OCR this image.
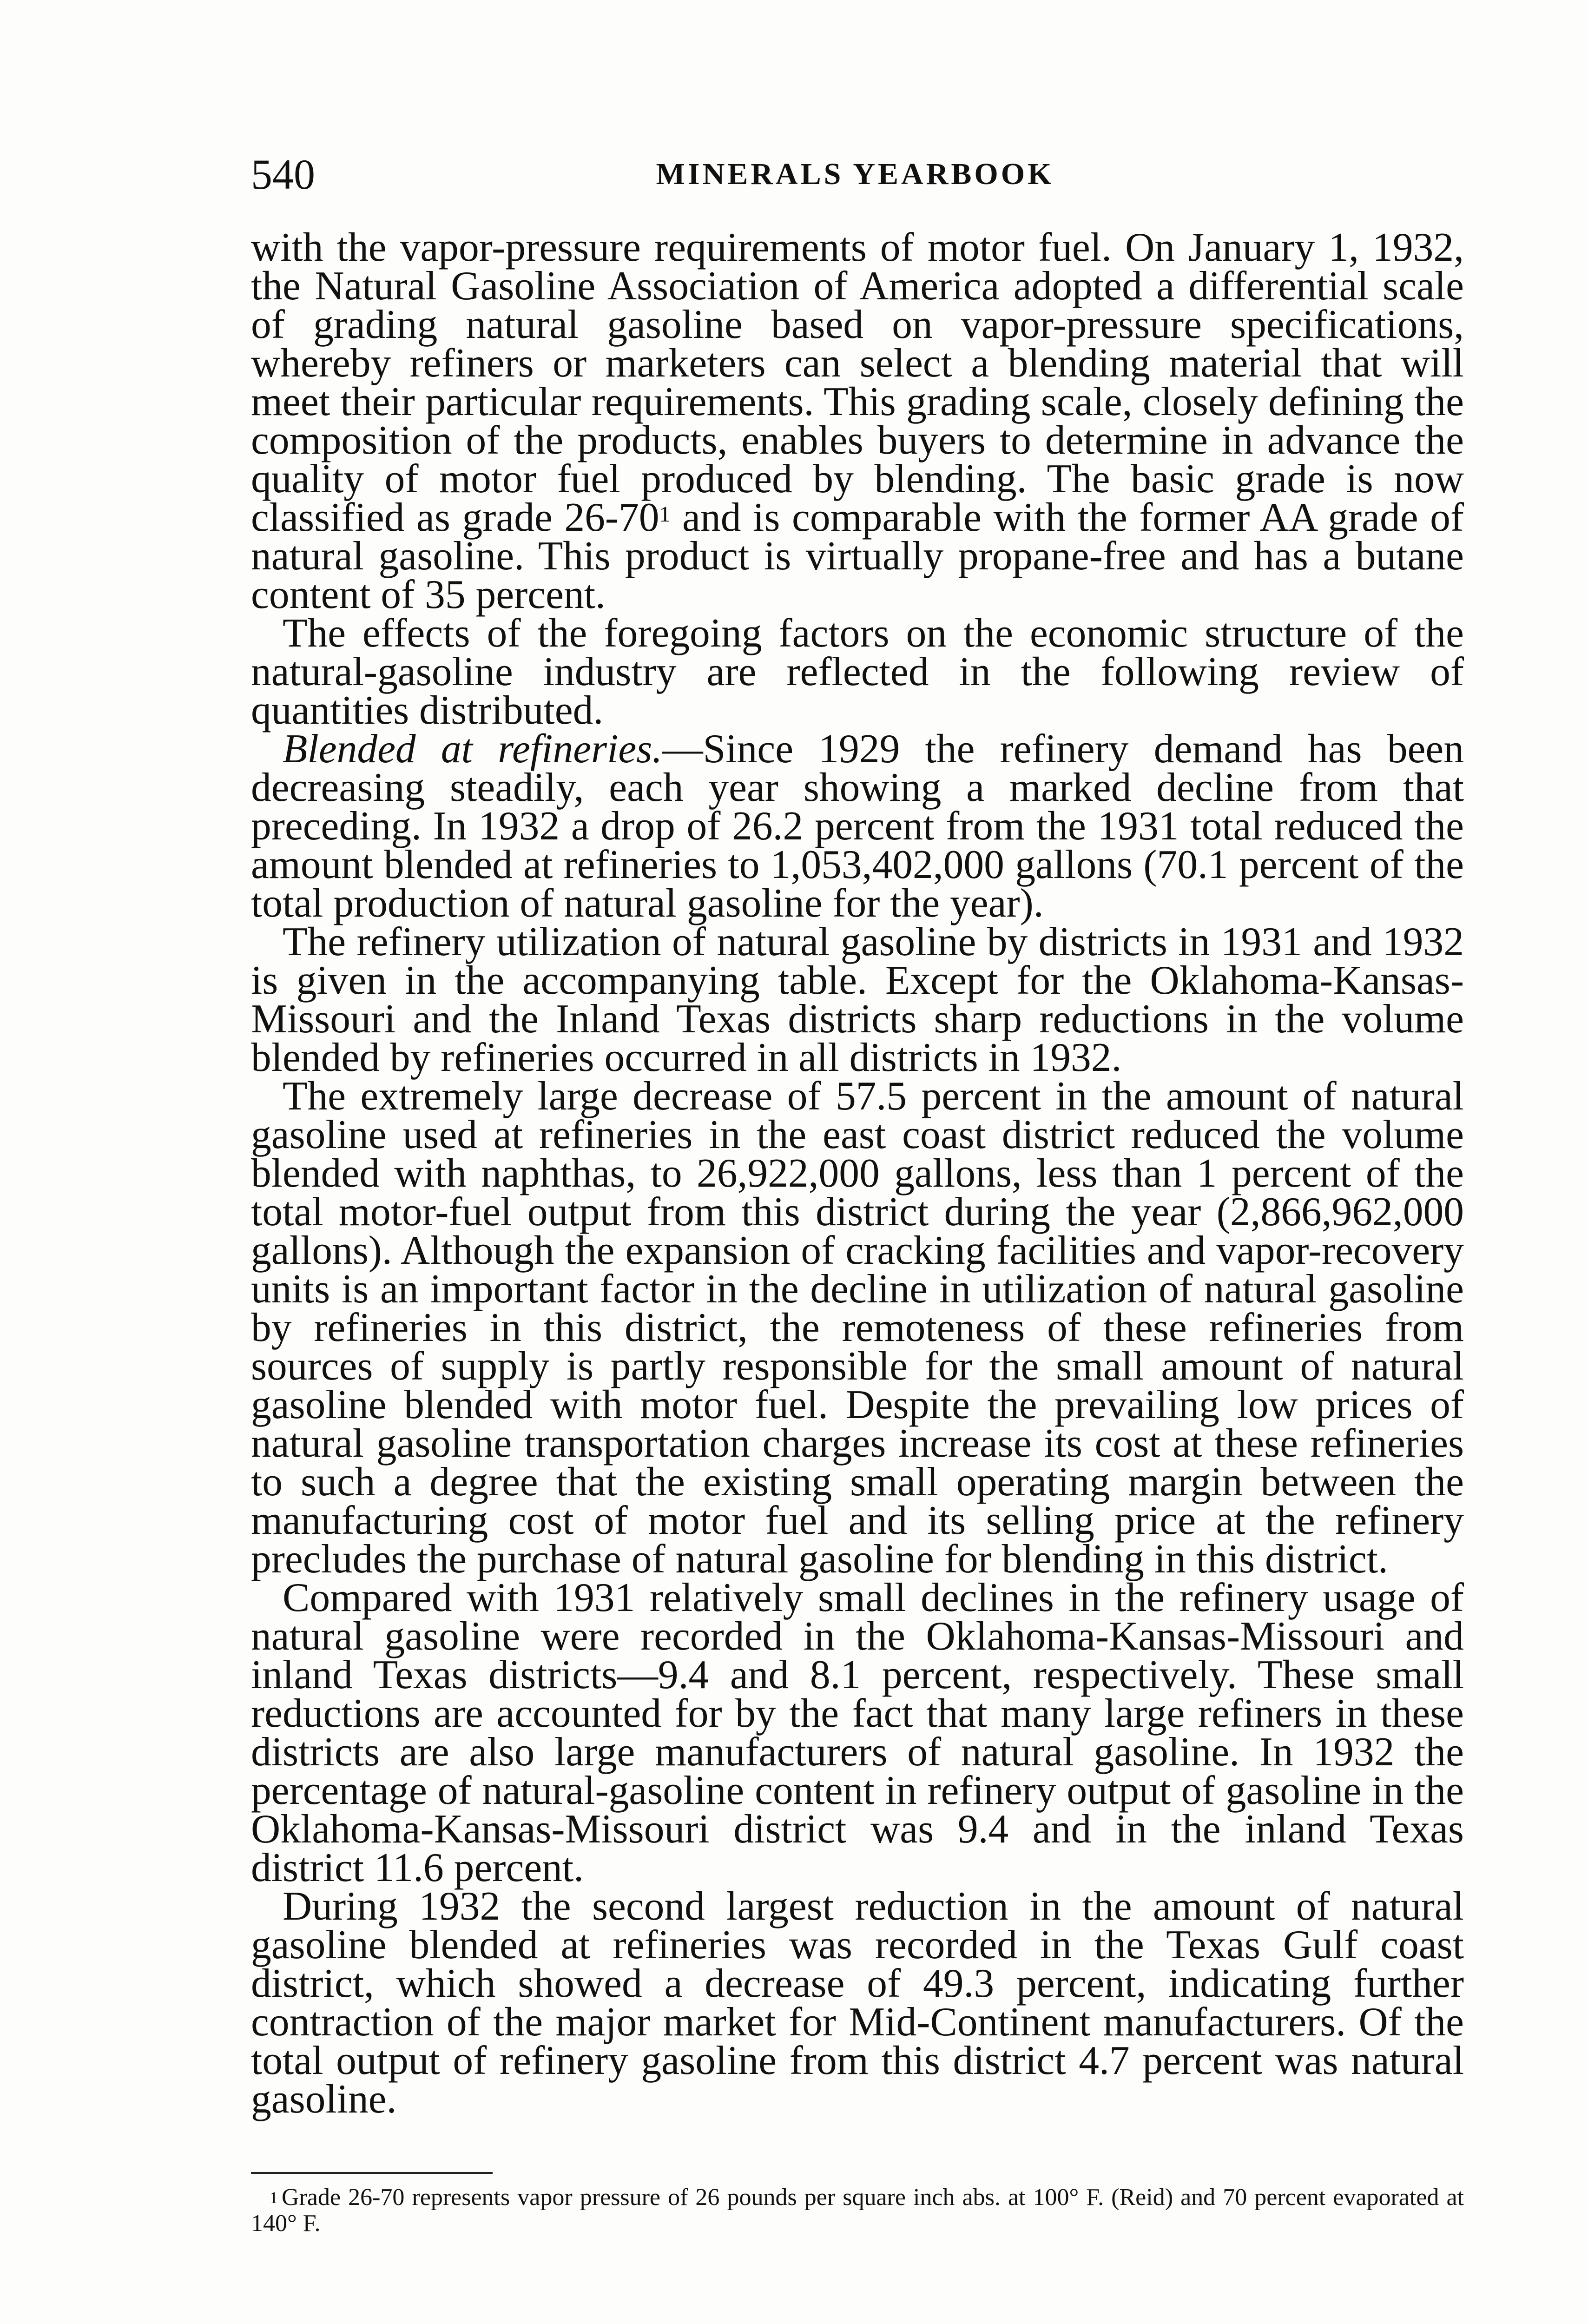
540	MINERALS YEARBOOK

with the vapor-pressure requirements of motor fuel. On January 1, 1932, the Natural Gasoline Association of America adopted a differential scale of grading natural gasoline based on vapor-pressure specifications, whereby refiners or marketers can select a blending material that will meet their particular requirements. This grading scale, closely defining the composition of the products, enables buyers to determine in advance the quality of motor fuel produced by blending. The basic grade is now classified as grade $26-70^1$ and is comparable with the former AA grade of natural gasoline. This product is virtually propane-free and has a butane content of 35 percent.

The effects of the foregoing factors on the economic structure of the natural-gasoline industry are reflected in the following review of quantities distributed.

Blended at refineries.—Since 1929 the refinery demand has been decreasing steadily, each year showing a marked decline from that preceding. In 1932 a drop of 26.2 percent from the 1931 total reduced the amount blended at refineries to 1,053,402,000 gallons (70.1 percent of the total production of natural gasoline for the year).

The refinery utilization of natural gasoline by districts in 1931 and 1932 is given in the accompanying table. Except for the Oklahoma-Kansas-Missouri and the Inland Texas districts sharp reductions in the volume blended by refineries occurred in all districts in 1932.

The extremely large decrease of 57.5 percent in the amount of natural gasoline used at refineries in the east coast district reduced the volume blended with naphthas, to 26,922,000 gallons, less than 1 percent of the total motor-fuel output from this district during the year (2,866,962,000 gallons). Although the expansion of cracking facilities and vapor-recovery units is an important factor in the decline in utilization of natural gasoline by refineries in this district, the remoteness of these refineries from sources of supply is partly responsible for the small amount of natural gasoline blended with motor fuel. Despite the prevailing low prices of natural gasoline transportation charges increase its cost at these refineries to such a degree that the existing small operating margin between the manufacturing cost of motor fuel and its selling price at the refinery precludes the purchase of natural gasoline for blending in this district.

Compared with 1931 relatively small declines in the refinery usage of natural gasoline were recorded in the Oklahoma-Kansas-Missouri and inland Texas districts—9.4 and 8.1 percent, respectively. These small reductions are accounted for by the fact that many large refiners in these districts are also large manufacturers of natural gasoline. In 1932 the percentage of natural-gasoline content in refinery output of gasoline in the Oklahoma-Kansas-Missouri district was 9.4 and in the inland Texas district 11.6 percent.

During 1932 the second largest reduction in the amount of natural gasoline blended at refineries was recorded in the Texas Gulf coast district, which showed a decrease of 49.3 percent, indicating further contraction of the major market for Mid-Continent manufacturers. Of the total output of refinery gasoline from this district 4.7 percent was natural gasoline.

1 Grade 26-70 represents vapor pressure of 26 pounds per square inch abs. at 100° F. (Reid) and 70 percent evaporated at 140° F.
